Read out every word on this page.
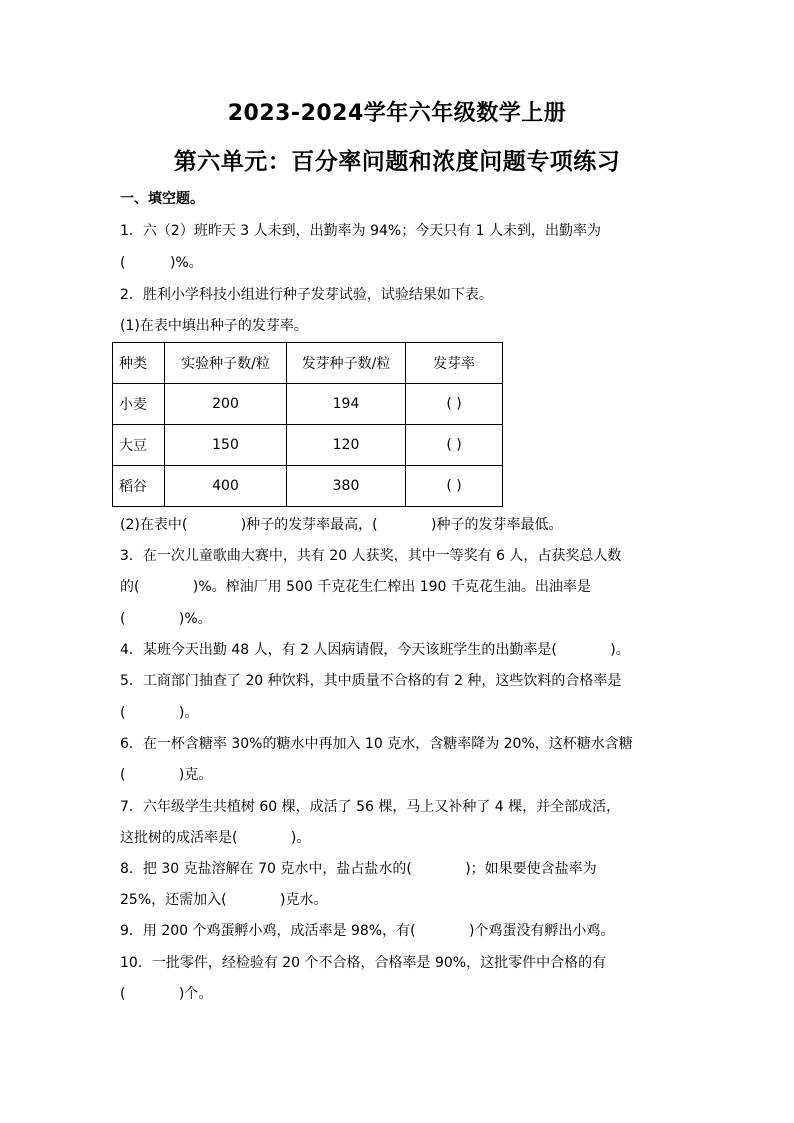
2023-2024学年六年级数学上册
第六单元：百分率问题和浓度问题专项练习
一、填空题。
1．六（2）班昨天 3 人未到，出勤率为 94%；今天只有 1 人未到，出勤率为
(          )%。
2．胜利小学科技小组进行种子发芽试验，试验结果如下表。
(1)在表中填出种子的发芽率。
种类	实验种子数/粒	发芽种子数/粒	发芽率
小麦	200	194	( )
大豆	150	120	( )
稻谷	400	380	( )
(2)在表中(            )种子的发芽率最高，(            )种子的发芽率最低。
3．在一次儿童歌曲大赛中，共有 20 人获奖，其中一等奖有 6 人，占获奖总人数
的(            )%。榨油厂用 500 千克花生仁榨出 190 千克花生油。出油率是
(            )%。
4．某班今天出勤 48 人，有 2 人因病请假，今天该班学生的出勤率是(            )。
5．工商部门抽查了 20 种饮料，其中质量不合格的有 2 种，这些饮料的合格率是
(            )。
6．在一杯含糖率 30%的糖水中再加入 10 克水，含糖率降为 20%，这杯糖水含糖
(            )克。
7．六年级学生共植树 60 棵，成活了 56 棵，马上又补种了 4 棵，并全部成活，
这批树的成活率是(            )。
8．把 30 克盐溶解在 70 克水中，盐占盐水的(            )；如果要使含盐率为
25%，还需加入(            )克水。
9．用 200 个鸡蛋孵小鸡，成活率是 98%，有(            )个鸡蛋没有孵出小鸡。
10．一批零件，经检验有 20 个不合格，合格率是 90%，这批零件中合格的有
(            )个。
